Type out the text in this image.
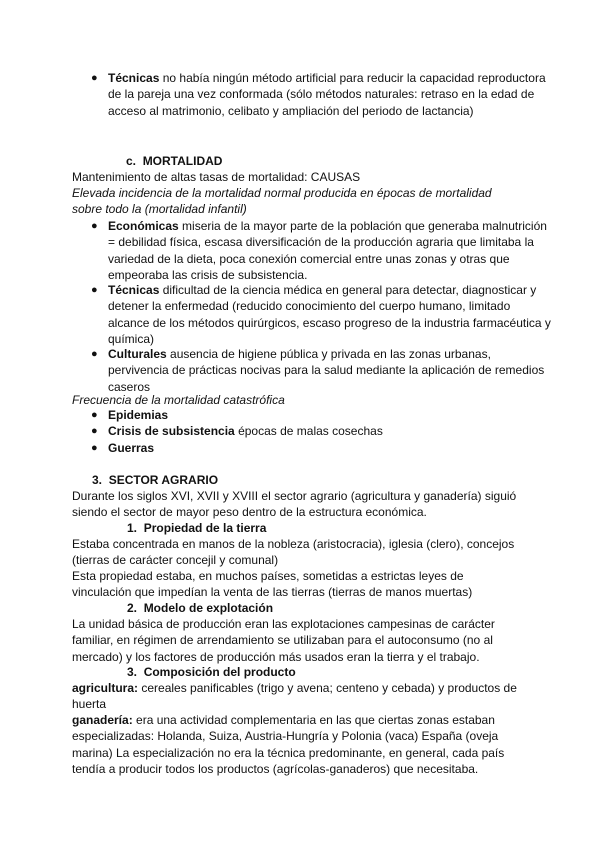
● Técnicas no había ningún método artificial para reducir la capacidad reproductora de la pareja una vez conformada (sólo métodos naturales: retraso en la edad de acceso al matrimonio, celibato y ampliación del periodo de lactancia)
c. MORTALIDAD
Mantenimiento de altas tasas de mortalidad: CAUSAS
Elevada incidencia de la mortalidad normal producida en épocas de mortalidad sobre todo la (mortalidad infantil)
● Económicas miseria de la mayor parte de la población que generaba malnutrición = debilidad física, escasa diversificación de la producción agraria que limitaba la variedad de la dieta, poca conexión comercial entre unas zonas y otras que empeoraba las crisis de subsistencia.
● Técnicas dificultad de la ciencia médica en general para detectar, diagnosticar y detener la enfermedad (reducido conocimiento del cuerpo humano, limitado alcance de los métodos quirúrgicos, escaso progreso de la industria farmacéutica y química)
● Culturales ausencia de higiene pública y privada en las zonas urbanas, pervivencia de prácticas nocivas para la salud mediante la aplicación de remedios caseros
Frecuencia de la mortalidad catastrófica
● Epidemias
● Crisis de subsistencia épocas de malas cosechas
● Guerras
3. SECTOR AGRARIO
Durante los siglos XVI, XVII y XVIII el sector agrario (agricultura y ganadería) siguió siendo el sector de mayor peso dentro de la estructura económica.
1. Propiedad de la tierra
Estaba concentrada en manos de la nobleza (aristocracia), iglesia (clero), concejos (tierras de carácter concejil y comunal)
Esta propiedad estaba, en muchos países, sometidas a estrictas leyes de vinculación que impedían la venta de las tierras (tierras de manos muertas)
2. Modelo de explotación
La unidad básica de producción eran las explotaciones campesinas de carácter familiar, en régimen de arrendamiento se utilizaban para el autoconsumo (no al mercado) y los factores de producción más usados eran la tierra y el trabajo.
3. Composición del producto
agricultura: cereales panificables (trigo y avena; centeno y cebada) y productos de huerta
ganadería: era una actividad complementaria en las que ciertas zonas estaban especializadas: Holanda, Suiza, Austria-Hungría y Polonia (vaca) España (oveja marina) La especialización no era la técnica predominante, en general, cada país tendía a producir todos los productos (agrícolas-ganaderos) que necesitaba.
